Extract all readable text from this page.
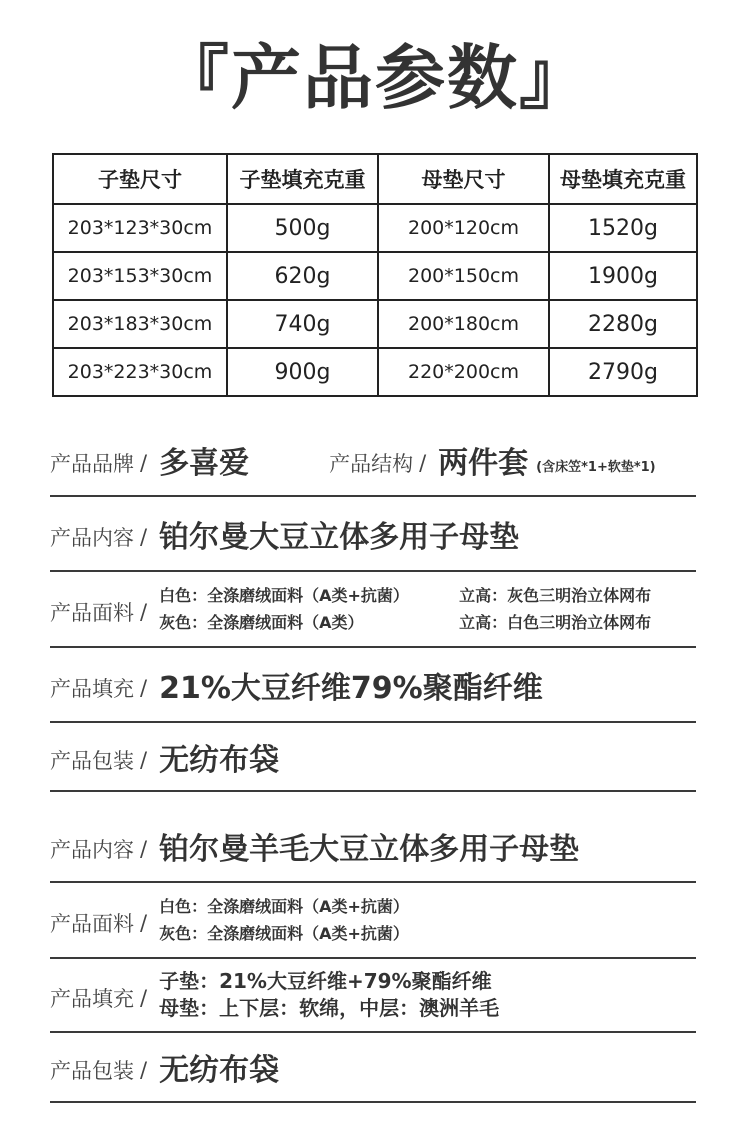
『产品参数』
子垫尺寸	子垫填充克重	母垫尺寸	母垫填充克重
203*123*30cm	500g	200*120cm	1520g
203*153*30cm	620g	200*150cm	1900g
203*183*30cm	740g	200*180cm	2280g
203*223*30cm	900g	220*200cm	2790g
产品品牌 / 多喜爱	产品结构 / 两件套 (含床笠*1+软垫*1)
产品内容 / 铂尔曼大豆立体多用子母垫
产品面料 /
白色：全涤磨绒面料（A类+抗菌）	立高：灰色三明治立体网布
灰色：全涤磨绒面料（A类）	立高：白色三明治立体网布
产品填充 / 21%大豆纤维79%聚酯纤维
产品包装 / 无纺布袋
产品内容 / 铂尔曼羊毛大豆立体多用子母垫
产品面料 /
白色：全涤磨绒面料（A类+抗菌）
灰色：全涤磨绒面料（A类+抗菌）
产品填充 /
子垫：21%大豆纤维+79%聚酯纤维
母垫：上下层：软绵，中层：澳洲羊毛
产品包装 / 无纺布袋
